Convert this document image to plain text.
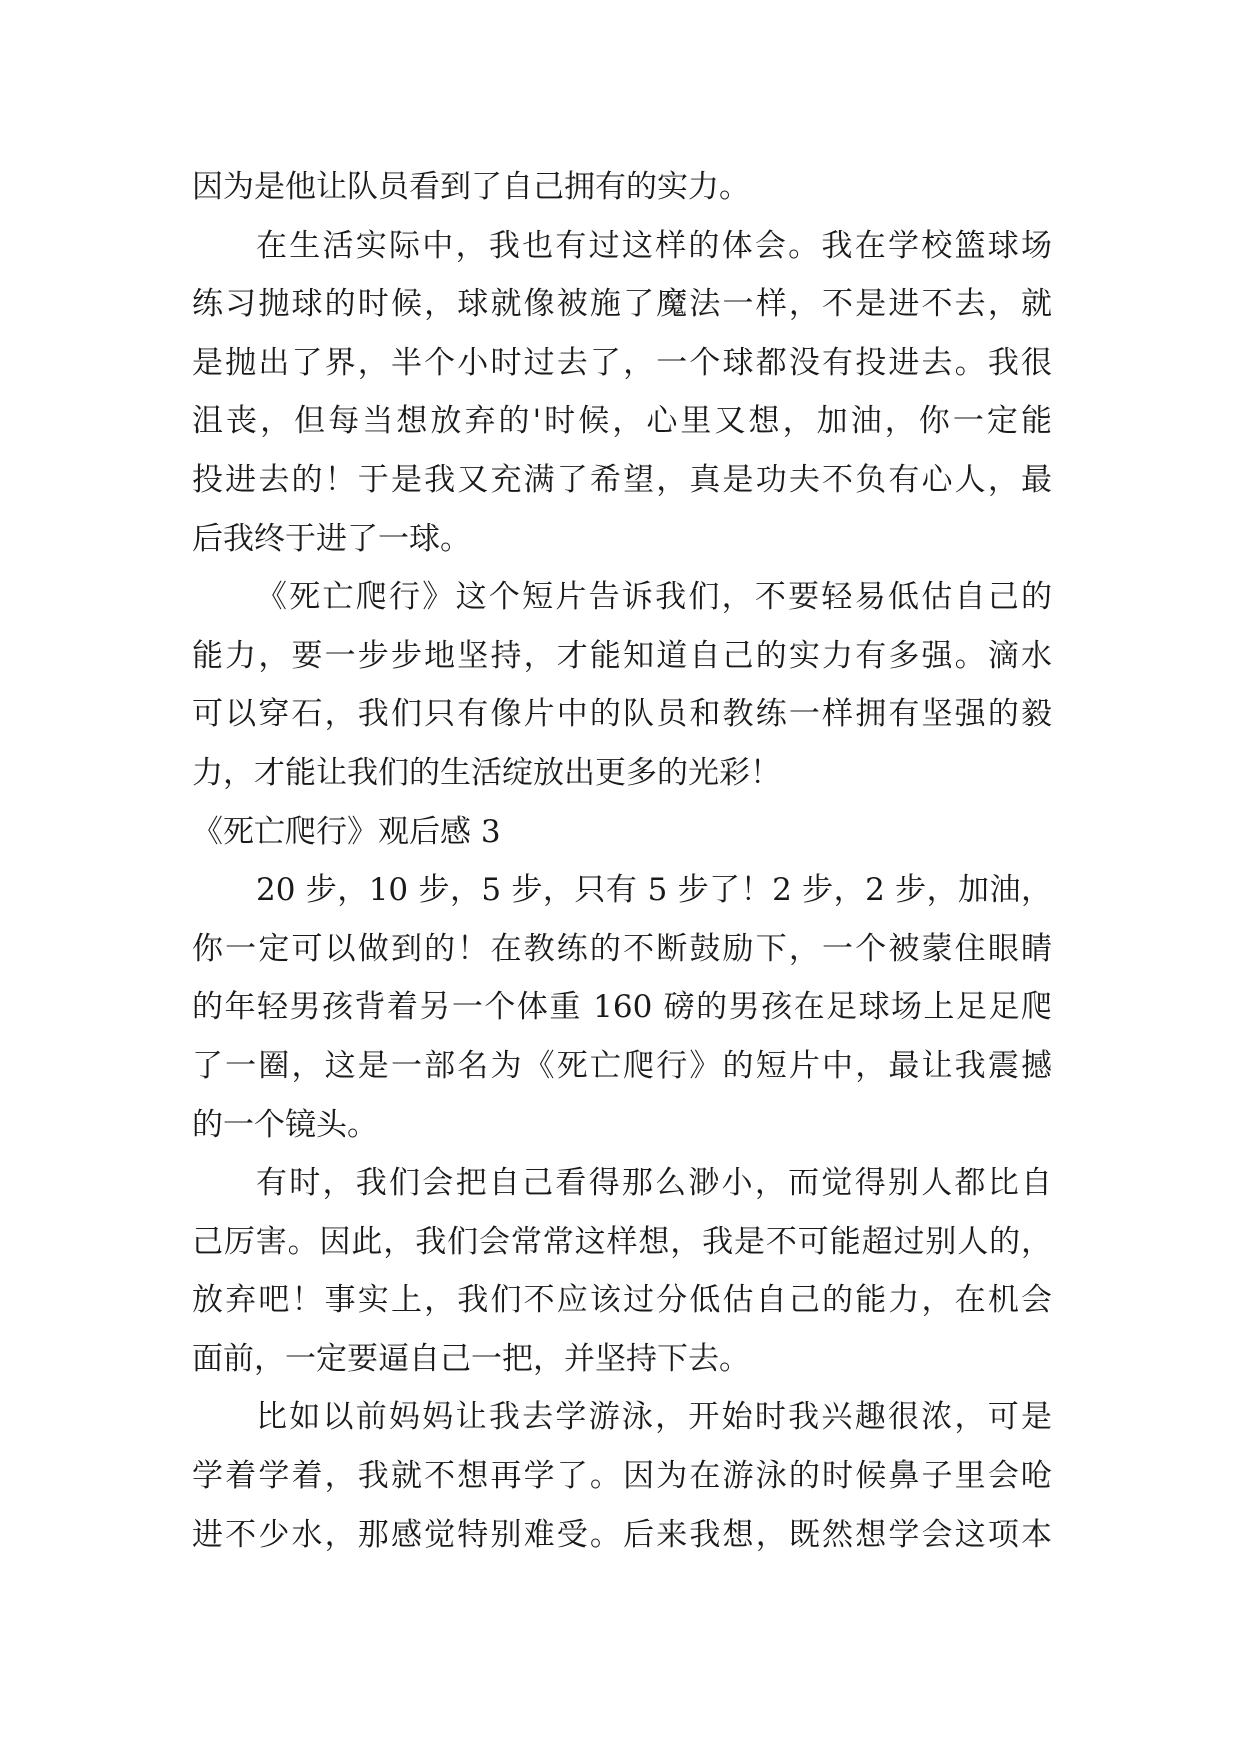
因为是他让队员看到了自己拥有的实力。
在生活实际中，我也有过这样的体会。我在学校篮球场
练习抛球的时候，球就像被施了魔法一样，不是进不去，就
是抛出了界，半个小时过去了，一个球都没有投进去。我很
沮丧，但每当想放弃的'时候，心里又想，加油，你一定能
投进去的！于是我又充满了希望，真是功夫不负有心人，最
后我终于进了一球。
《死亡爬行》这个短片告诉我们，不要轻易低估自己的
能力，要一步步地坚持，才能知道自己的实力有多强。滴水
可以穿石，我们只有像片中的队员和教练一样拥有坚强的毅
力，才能让我们的生活绽放出更多的光彩！
《死亡爬行》观后感 3
20 步，10 步，5 步，只有 5 步了！2 步，2 步，加油，
你一定可以做到的！在教练的不断鼓励下，一个被蒙住眼睛
的年轻男孩背着另一个体重 160 磅的男孩在足球场上足足爬
了一圈，这是一部名为《死亡爬行》的短片中，最让我震撼
的一个镜头。
有时，我们会把自己看得那么渺小，而觉得别人都比自
己厉害。因此，我们会常常这样想，我是不可能超过别人的，
放弃吧！事实上，我们不应该过分低估自己的能力，在机会
面前，一定要逼自己一把，并坚持下去。
比如以前妈妈让我去学游泳，开始时我兴趣很浓，可是
学着学着，我就不想再学了。因为在游泳的时候鼻子里会呛
进不少水，那感觉特别难受。后来我想，既然想学会这项本
